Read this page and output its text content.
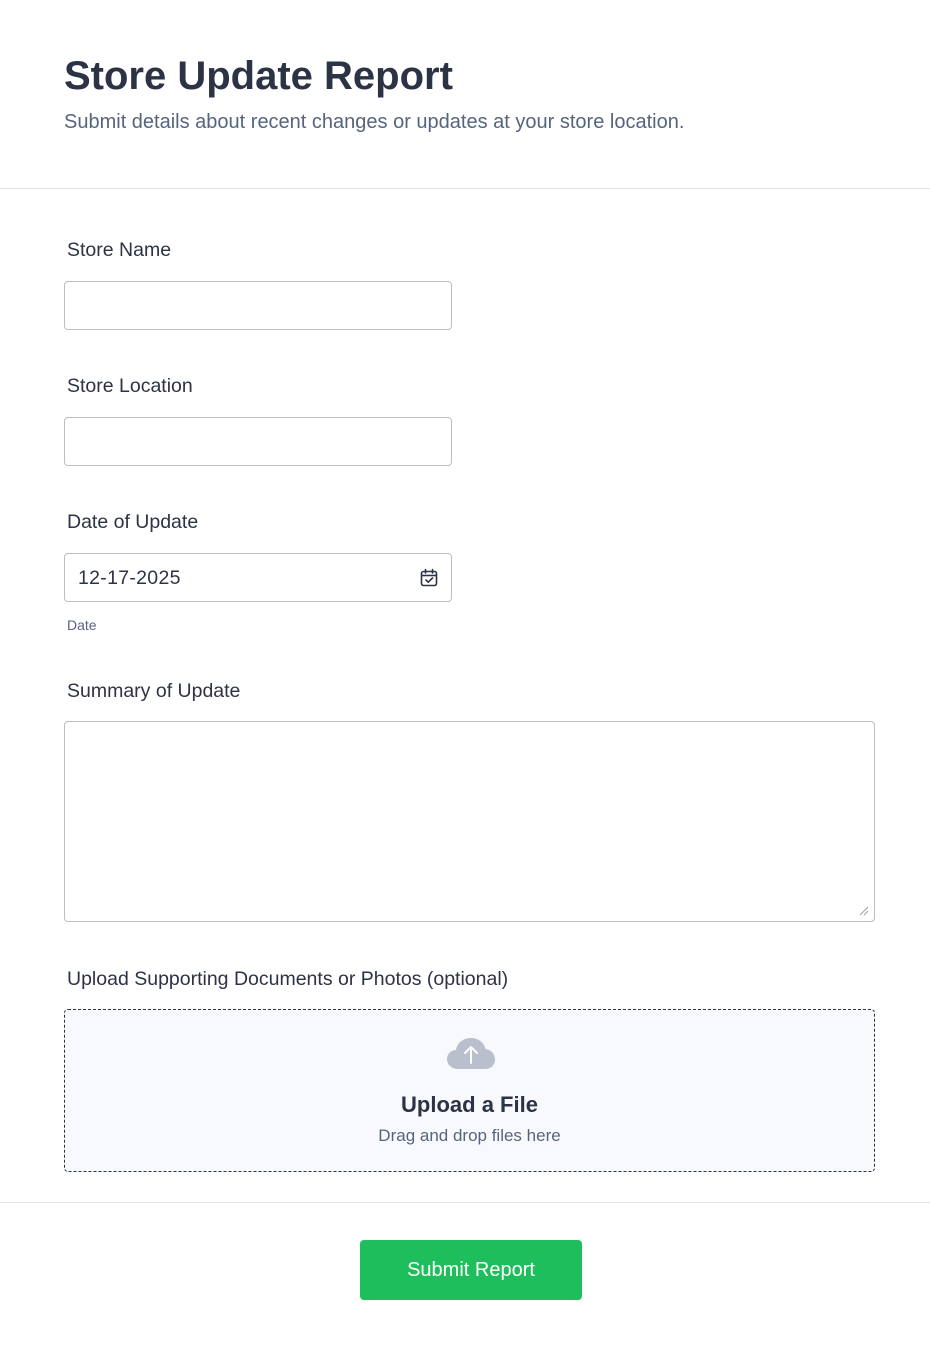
Store Update Report

Submit details about recent changes or updates at your store location.

Store Name
Store Location
Date of Update
12-17-2025
Date
Summary of Update
Upload Supporting Documents or Photos (optional)
Upload a File
Drag and drop files here
Submit Report
